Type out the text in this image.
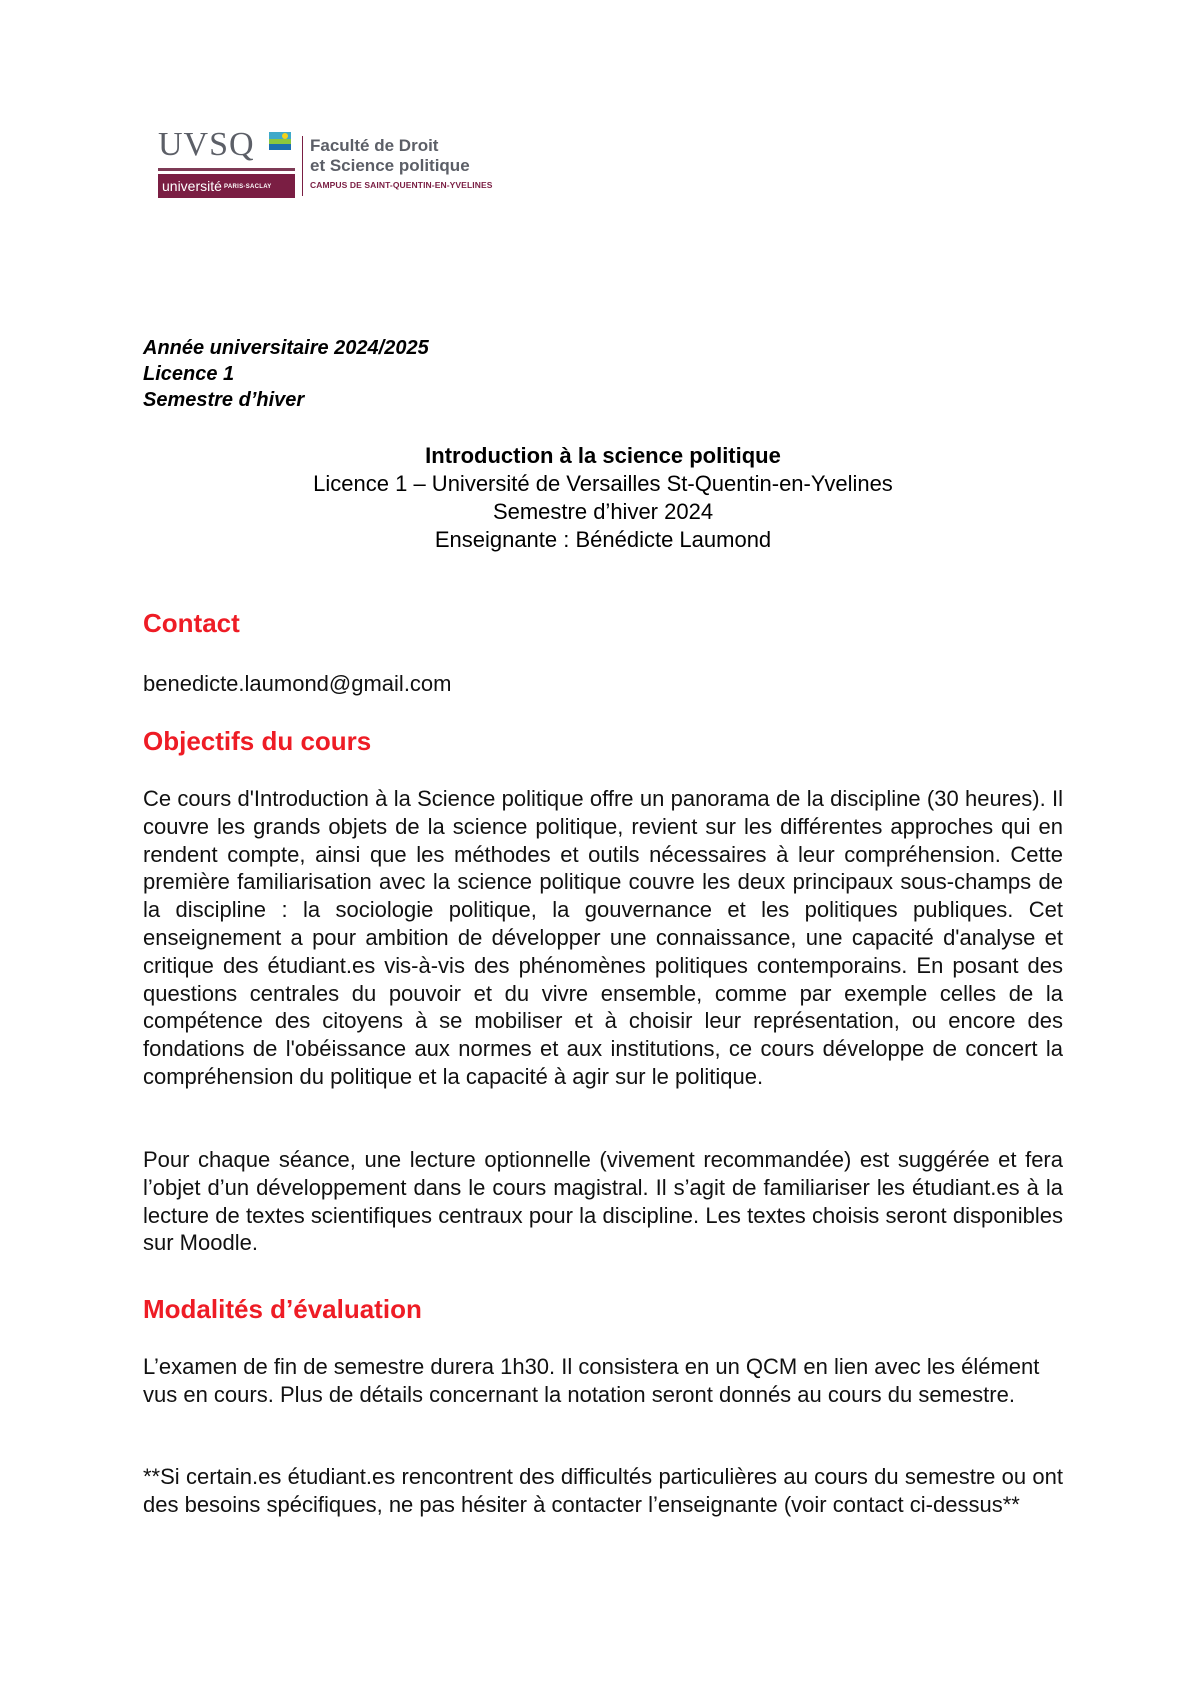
UVSQ
université PARIS-SACLAY
Faculté de Droit
et Science politique
CAMPUS DE SAINT-QUENTIN-EN-YVELINES
Année universitaire 2024/2025
Licence 1
Semestre d’hiver
Introduction à la science politique
Licence 1 – Université de Versailles St-Quentin-en-Yvelines
Semestre d’hiver 2024
Enseignante : Bénédicte Laumond
Contact
benedicte.laumond@gmail.com
Objectifs du cours
Ce cours d'Introduction à la Science politique offre un panorama de la discipline (30 heures). Il couvre les grands objets de la science politique, revient sur les différentes approches qui en rendent compte, ainsi que les méthodes et outils nécessaires à leur compréhension. Cette première familiarisation avec la science politique couvre les deux principaux sous-champs de la discipline : la sociologie politique, la gouvernance et les politiques publiques. Cet enseignement a pour ambition de développer une connaissance, une capacité d'analyse et critique des étudiant.es vis-à-vis des phénomènes politiques contemporains. En posant des questions centrales du pouvoir et du vivre ensemble, comme par exemple celles de la compétence des citoyens à se mobiliser et à choisir leur représentation, ou encore des fondations de l'obéissance aux normes et aux institutions, ce cours développe de concert la compréhension du politique et la capacité à agir sur le politique.
Pour chaque séance, une lecture optionnelle (vivement recommandée) est suggérée et fera l’objet d’un développement dans le cours magistral. Il s’agit de familiariser les étudiant.es à la lecture de textes scientifiques centraux pour la discipline. Les textes choisis seront disponibles sur Moodle.
Modalités d’évaluation
L’examen de fin de semestre durera 1h30. Il consistera en un QCM en lien avec les élément vus en cours. Plus de détails concernant la notation seront donnés au cours du semestre.
**Si certain.es étudiant.es rencontrent des difficultés particulières au cours du semestre ou ont des besoins spécifiques, ne pas hésiter à contacter l’enseignante (voir contact ci-dessus**
